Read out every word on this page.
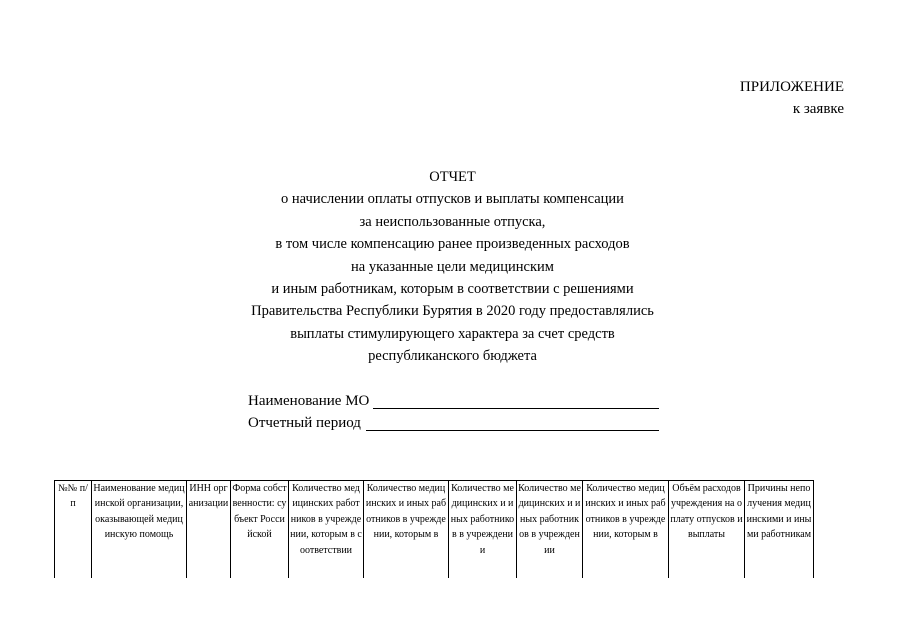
ПРИЛОЖЕНИЕ
к заявке
ОТЧЕТ
о начислении оплаты отпусков и выплаты компенсации
за неиспользованные отпуска,
в том числе компенсацию ранее произведенных расходов
на указанные цели медицинским
и иным работникам, которым в соответствии с решениями
Правительства Республики Бурятия в 2020 году предоставлялись
выплаты стимулирующего характера за счет средств
республиканского бюджета
Наименование МО
Отчетный период
№№ п/п	Наименование медицинской организации, оказывающей медицинскую помощь	ИНН организации	Форма собственности: субъект Российской	Количество медицинских работников в учреждении, которым в соответствии	Количество медицинских и иных работников в учреждении, которым в	Количество медицинских и иных работников в учреждении	Количество медицинских и иных работников в учреждении	Количество медицинских и иных работников в учреждении, которым в	Объём расходов учреждения на оплату отпусков и выплаты	Причины неполучения медицинскими и иными работникам
